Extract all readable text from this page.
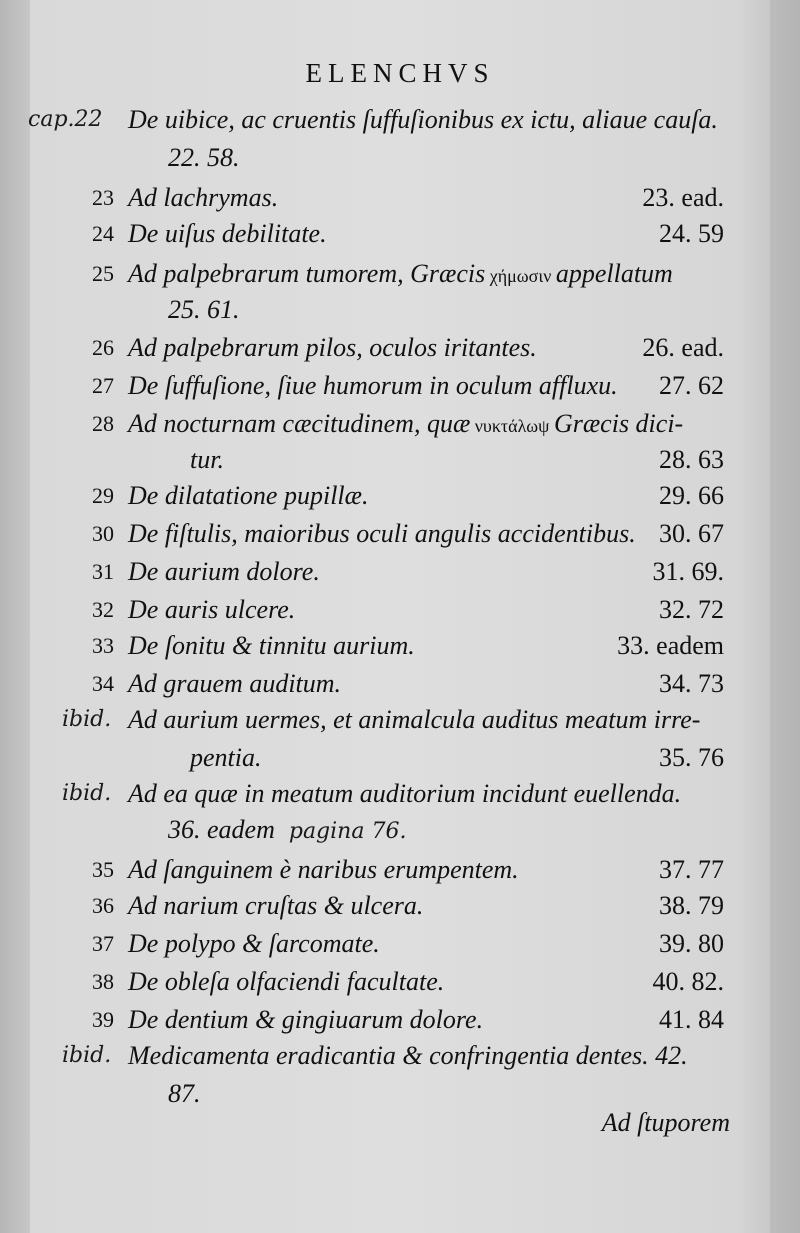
ELENCHVS
cap.22 De uibice, ac cruentis ſuffuſionibus ex ictu, aliaue cauſa.
22. 58.
23 Ad lachrymas.	23. ead.
24 De uiſus debilitate.	24. 59
25 Ad palpebrarum tumorem, Græcis χήμωσιν appellatum
25. 61.
26 Ad palpebrarum pilos, oculos iritantes.	26. ead.
27 De ſuffuſione, ſiue humorum in oculum affluxu. 27. 62
28 Ad nocturnam cæcitudinem, quæ νυκτάλωψ Græcis dici-
tur.	28. 63
29 De dilatatione pupillæ.	29. 66
30 De fiſtulis, maioribus oculi angulis accidentibus. 30. 67
31 De aurium dolore.	31. 69.
32 De auris ulcere.	32. 72
33 De ſonitu & tinnitu aurium.	33. eadem
34 Ad grauem auditum.	34. 73
ibid. Ad aurium uermes, et animalcula auditus meatum irre-
pentia.	35. 76
ibid. Ad ea quæ in meatum auditorium incidunt euellenda.
36. eadem pagina 76.
35 Ad ſanguinem è naribus erumpentem.	37. 77
36 Ad narium cruſtas & ulcera.	38. 79
37 De polypo & ſarcomate.	39. 80
38 De obleſa olfaciendi facultate.	40. 82.
39 De dentium & gingiuarum dolore.	41. 84
ibid. Medicamenta eradicantia & confringentia dentes. 42.
87.
Ad ſtuporem
